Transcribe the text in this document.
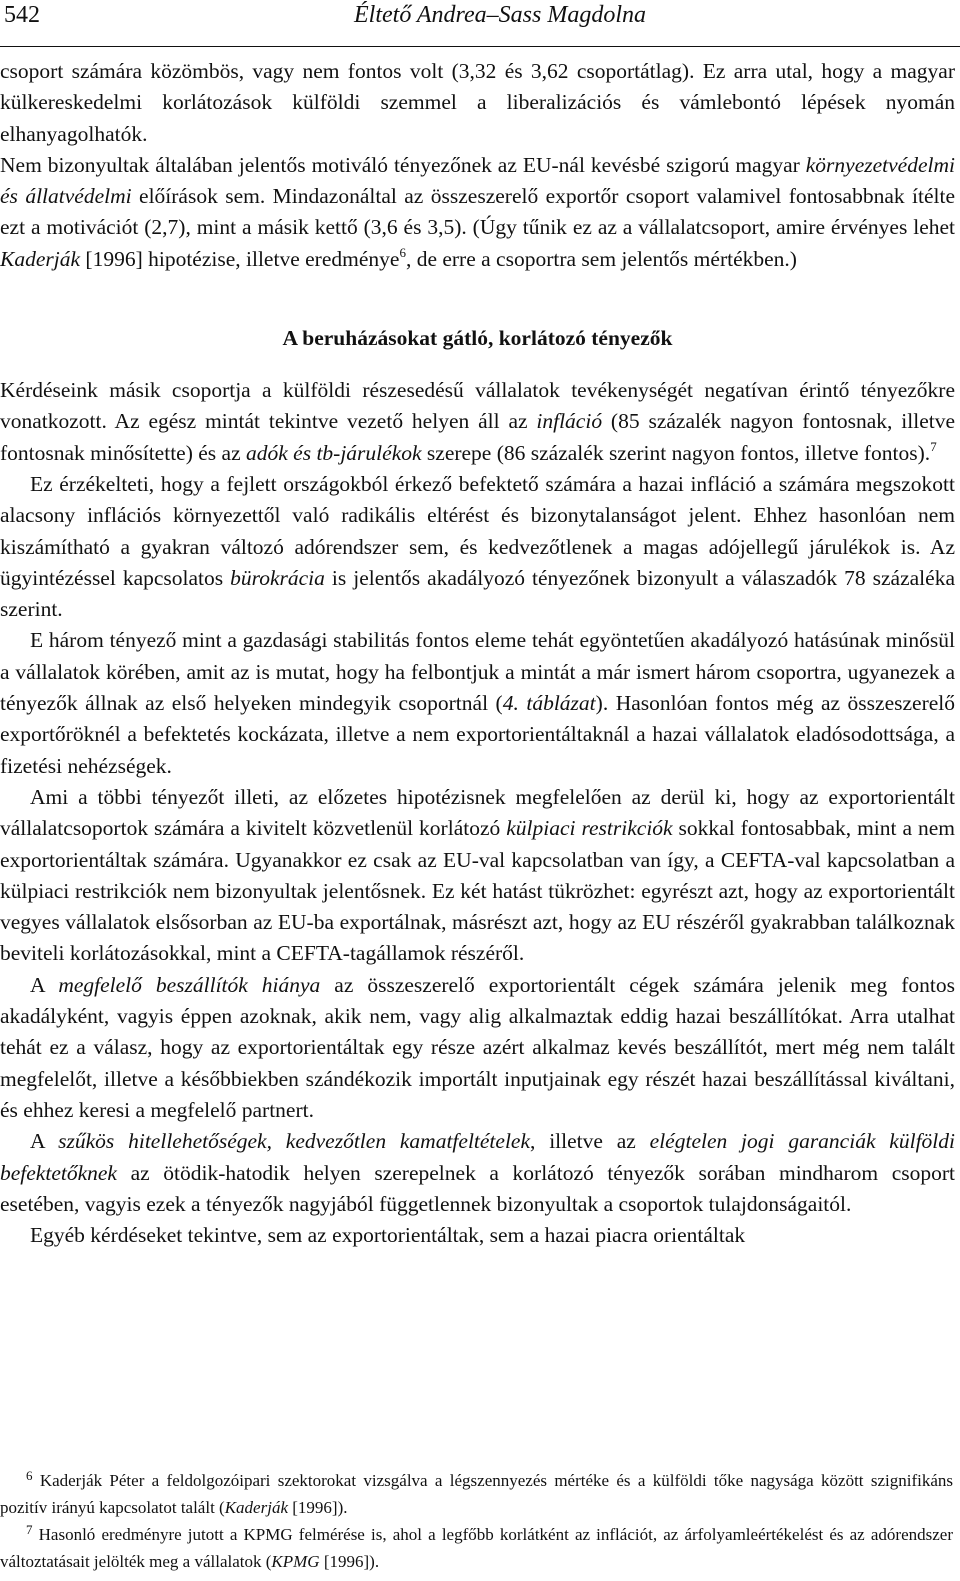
542	Éltető Andrea–Sass Magdolna

csoport számára közömbös, vagy nem fontos volt (3,32 és 3,62 csoportátlag). Ez arra utal, hogy a magyar külkereskedelmi korlátozások külföldi szemmel a liberalizációs és vámlebontó lépések nyomán elhanyagolhatók.

Nem bizonyultak általában jelentős motiváló tényezőnek az EU-nál kevésbé szigorú magyar környezetvédelmi és állatvédelmi előírások sem. Mindazonáltal az összeszerelő exportőr csoport valamivel fontosabbnak ítélte ezt a motivációt (2,7), mint a másik kettő (3,6 és 3,5). (Úgy tűnik ez az a vállalatcsoport, amire érvényes lehet Kaderják [1996] hipotézise, illetve eredménye$^6$, de erre a csoportra sem jelentős mértékben.)

A beruházásokat gátló, korlátozó tényezők

Kérdéseink másik csoportja a külföldi részesedésű vállalatok tevékenységét negatívan érintő tényezőkre vonatkozott. Az egész mintát tekintve vezető helyen áll az infláció (85 százalék nagyon fontosnak, illetve fontosnak minősítette) és az adók és tb-járulékok szerepe (86 százalék szerint nagyon fontos, illetve fontos).$^7$

Ez érzékelteti, hogy a fejlett országokból érkező befektető számára a hazai infláció a számára megszokott alacsony inflációs környezettől való radikális eltérést és bizonytalanságot jelent. Ehhez hasonlóan nem kiszámítható a gyakran változó adórendszer sem, és kedvezőtlenek a magas adójellegű járulékok is. Az ügyintézéssel kapcsolatos bürokrácia is jelentős akadályozó tényezőnek bizonyult a válaszadók 78 százaléka szerint.

E három tényező mint a gazdasági stabilitás fontos eleme tehát egyöntetűen akadályozó hatásúnak minősül a vállalatok körében, amit az is mutat, hogy ha felbontjuk a mintát a már ismert három csoportra, ugyanezek a tényezők állnak az első helyeken mindegyik csoportnál (4. táblázat). Hasonlóan fontos még az összeszerelő exportőröknél a befektetés kockázata, illetve a nem exportorientáltaknál a hazai vállalatok eladósodottsága, a fizetési nehézségek.

Ami a többi tényezőt illeti, az előzetes hipotézisnek megfelelően az derül ki, hogy az exportorientált vállalatcsoportok számára a kivitelt közvetlenül korlátozó külpiaci restrikciók sokkal fontosabbak, mint a nem exportorientáltak számára. Ugyanakkor ez csak az EU-val kapcsolatban van így, a CEFTA-val kapcsolatban a külpiaci restrikciók nem bizonyultak jelentősnek. Ez két hatást tükrözhet: egyrészt azt, hogy az exportorientált vegyes vállalatok elsősorban az EU-ba exportálnak, másrészt azt, hogy az EU részéről gyakrabban találkoznak beviteli korlátozásokkal, mint a CEFTA-tagállamok részéről.

A megfelelő beszállítók hiánya az összeszerelő exportorientált cégek számára jelenik meg fontos akadályként, vagyis éppen azoknak, akik nem, vagy alig alkalmaztak eddig hazai beszállítókat. Arra utalhat tehát ez a válasz, hogy az exportorientáltak egy része azért alkalmaz kevés beszállítót, mert még nem talált megfelelőt, illetve a későbbiekben szándékozik importált inputjainak egy részét hazai beszállítással kiváltani, és ehhez keresi a megfelelő partnert.

A szűkös hitellehetőségek, kedvezőtlen kamatfeltételek, illetve az elégtelen jogi garanciák külföldi befektetőknek az ötödik-hatodik helyen szerepelnek a korlátozó tényezők sorában mindharom csoport esetében, vagyis ezek a tényezők nagyjából függetlennek bizonyultak a csoportok tulajdonságaitól.

Egyéb kérdéseket tekintve, sem az exportorientáltak, sem a hazai piacra orientáltak

$^6$ Kaderják Péter a feldolgozóipari szektorokat vizsgálva a légszennyezés mértéke és a külföldi tőke nagysága között szignifikáns pozitív irányú kapcsolatot talált (Kaderják [1996]).

$^7$ Hasonló eredményre jutott a KPMG felmérése is, ahol a legfőbb korlátként az inflációt, az árfolyamleértékelést és az adórendszer változtatásait jelölték meg a vállalatok (KPMG [1996]).
